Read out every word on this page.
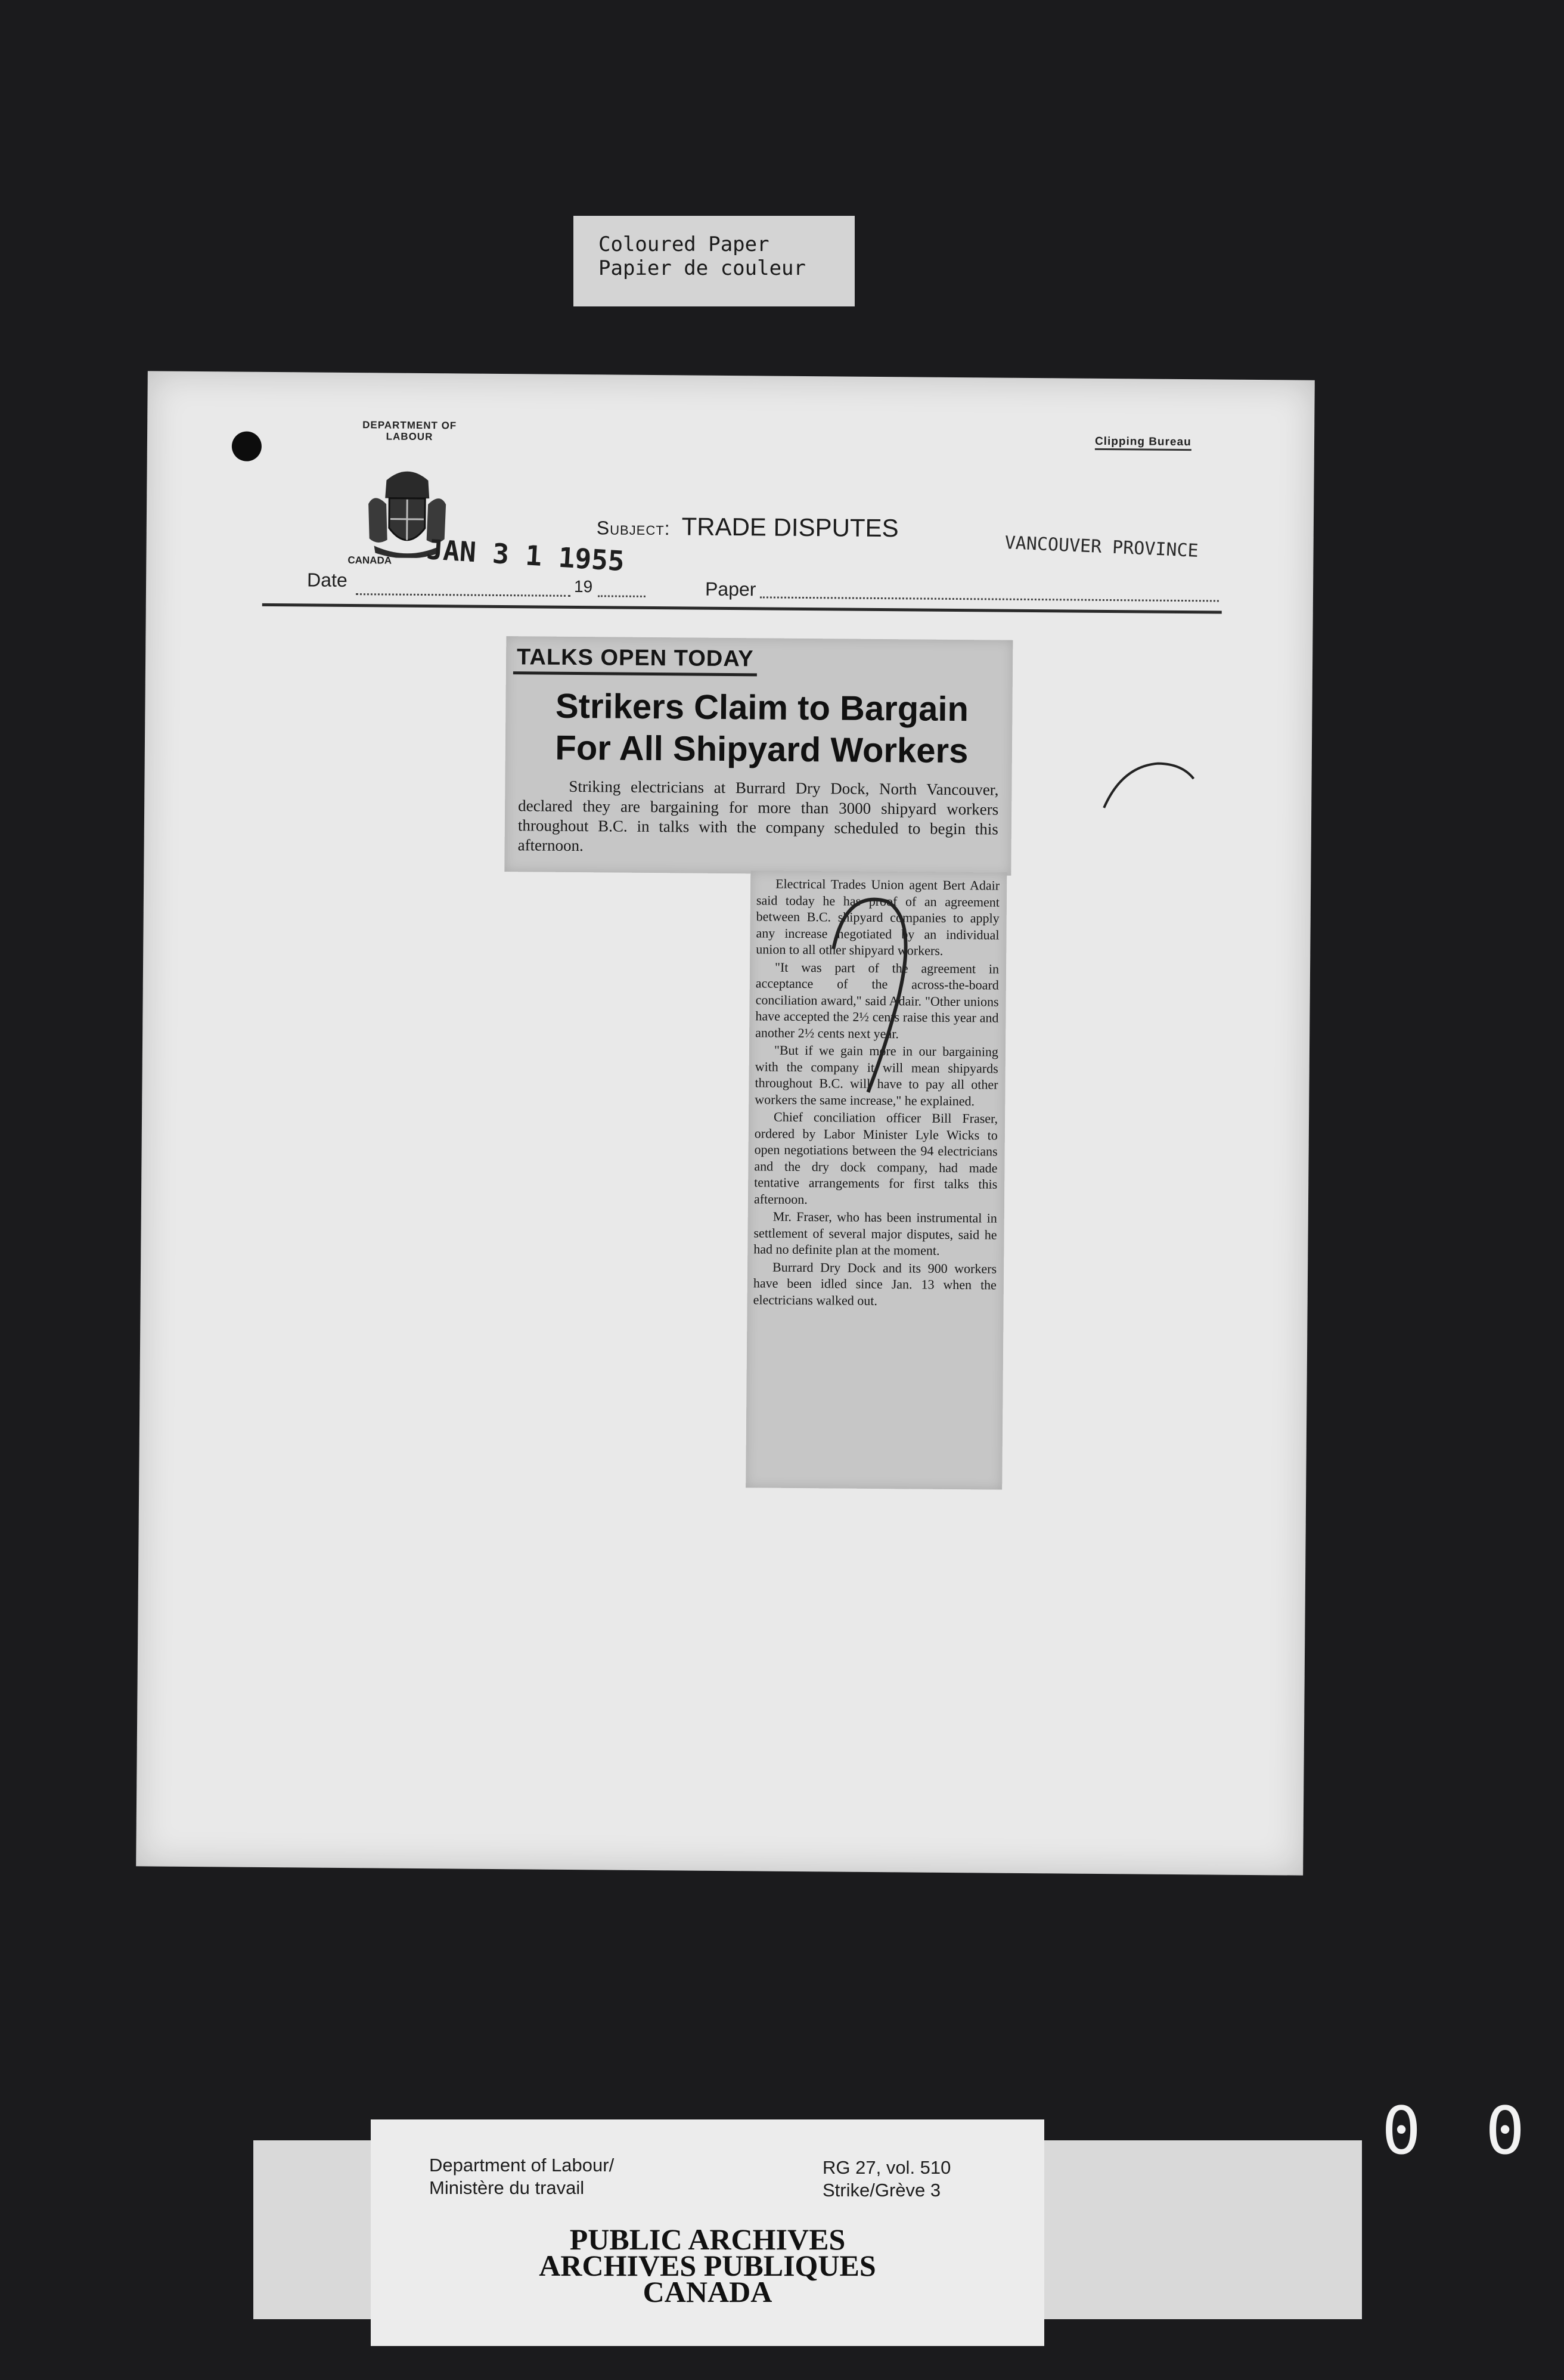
Coloured Paper
Papier de couleur
DEPARTMENT OF
LABOUR
CANADA JAN 3 1 1955
Clipping Bureau
Subject: TRADE DISPUTES
VANCOUVER PROVINCE
Date	19	Paper
TALKS OPEN TODAY
Strikers Claim to Bargain
For All Shipyard Workers

Striking electricians at Burrard Dry Dock, North Vancouver, declared they are bargaining for more than 3000 shipyard workers throughout B.C. in talks with the company scheduled to begin this afternoon.

Electrical Trades Union agent Bert Adair said today he has proof of an agreement between B.C. shipyard companies to apply any increase negotiated by an individual union to all other shipyard workers.

"It was part of the agreement in acceptance of the across-the-board conciliation award," said Adair. "Other unions have accepted the 2½ cents raise this year and another 2½ cents next year.

"But if we gain more in our bargaining with the company it will mean shipyards throughout B.C. will have to pay all other workers the same increase," he explained.

Chief conciliation officer Bill Fraser, ordered by Labor Minister Lyle Wicks to open negotiations between the 94 electricians and the dry dock company, had made tentative arrangements for first talks this afternoon.

Mr. Fraser, who has been instrumental in settlement of several major disputes, said he had no definite plan at the moment.

Burrard Dry Dock and its 900 workers have been idled since Jan. 13 when the electricians walked out.

Department of Labour/
Ministère du travail
RG 27, vol. 510
Strike/Grève 3
PUBLIC ARCHIVES
ARCHIVES PUBLIQUES
CANADA
0 0
